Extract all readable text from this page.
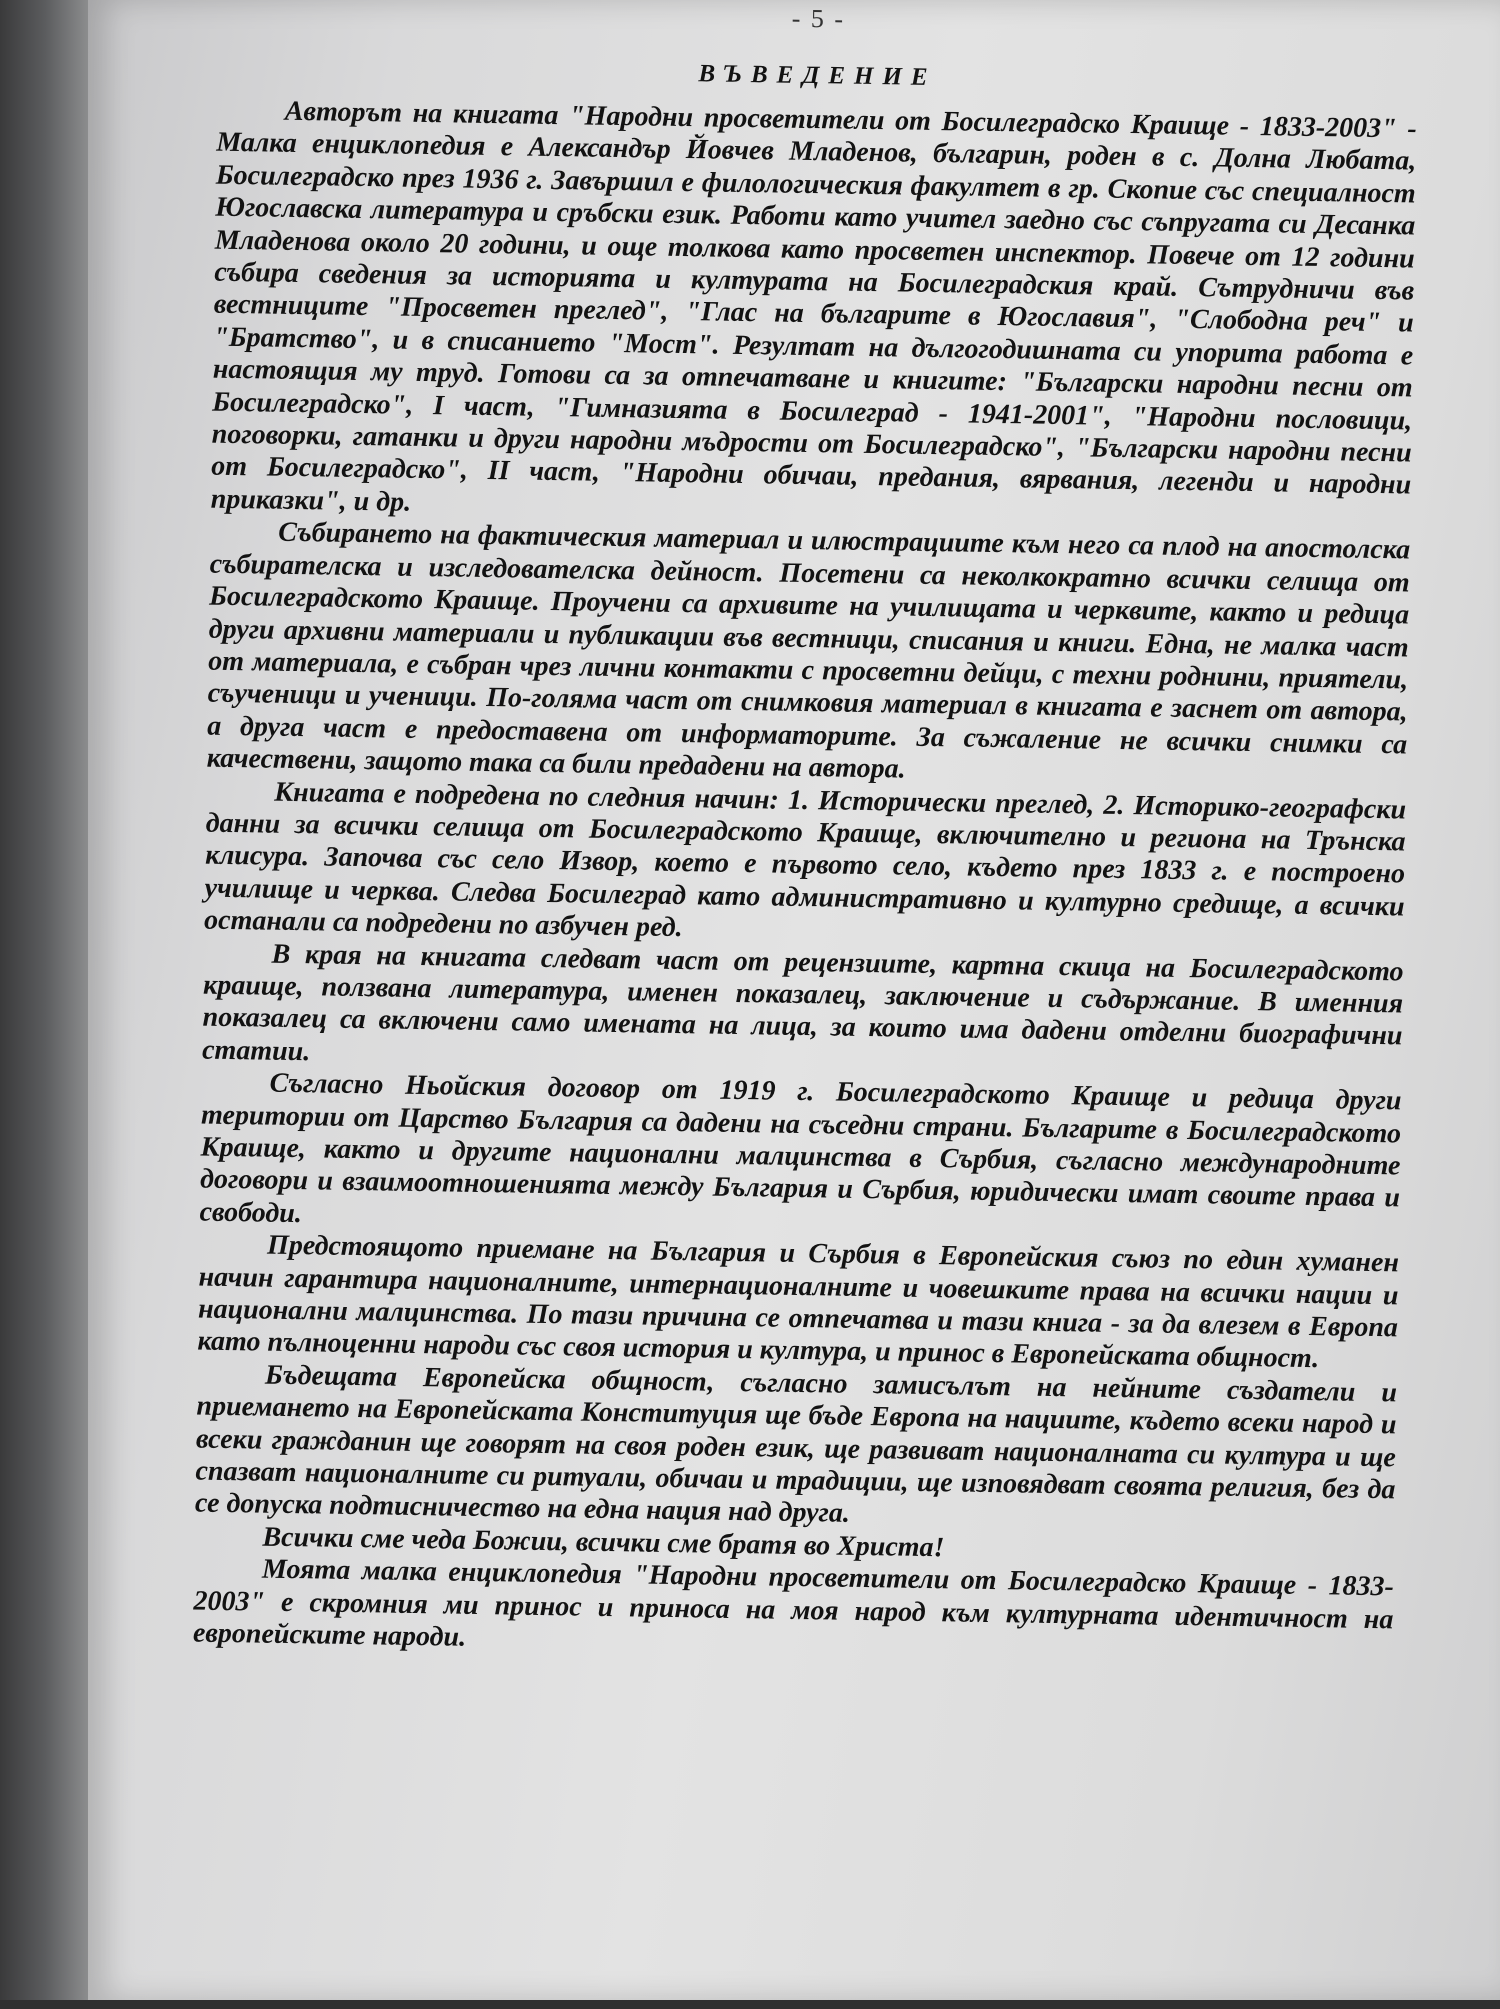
- 5 -
ВЪВЕДЕНИЕ

Авторът на книгата "Народни просветители от Босилеградско Краище - 1833-2003" - Малка енциклопедия е Александър Йовчев Младенов, българин, роден в с. Долна Любата, Босилеградско през 1936 г. Завършил е филологическия факултет в гр. Скопие със специалност Югославска литература и сръбски език. Работи като учител заедно със съпругата си Десанка Младенова около 20 години, и още толкова като просветен инспектор. Повече от 12 години събира сведения за историята и културата на Босилеградския край. Сътрудничи във вестниците "Просветен преглед", "Глас на българите в Югославия", "Слободна реч" и "Братство", и в списанието "Мост". Резултат на дългогодишната си упорита работа е настоящия му труд. Готови са за отпечатване и книгите: "Български народни песни от Босилеградско", I част, "Гимназията в Босилеград - 1941-2001", "Народни пословици, поговорки, гатанки и други народни мъдрости от Босилеградско", "Български народни песни от Босилеградско", II част, "Народни обичаи, предания, вярвания, легенди и народни приказки", и др.

Събирането на фактическия материал и илюстрациите към него са плод на апостолска събирателска и изследователска дейност. Посетени са неколкократно всички селища от Босилеградското Краище. Проучени са архивите на училищата и черквите, както и редица други архивни материали и публикации във вестници, списания и книги. Една, не малка част от материала, е събран чрез лични контакти с просветни дейци, с техни роднини, приятели, съученици и ученици. По-голяма част от снимковия материал в книгата е заснет от автора, а друга част е предоставена от информаторите. За съжаление не всички снимки са качествени, защото така са били предадени на автора.

Книгата е подредена по следния начин: 1. Исторически преглед, 2. Историко-географски данни за всички селища от Босилеградското Краище, включително и региона на Трънска клисура. Започва със село Извор, което е първото село, където през 1833 г. е построено училище и черква. Следва Босилеград като административно и културно средище, а всички останали са подредени по азбучен ред.

В края на книгата следват част от рецензиите, картна скица на Босилеградското краище, ползвана литература, именен показалец, заключение и съдържание. В именния показалец са включени само имената на лица, за които има дадени отделни биографични статии.

Съгласно Ньойския договор от 1919 г. Босилеградското Краище и редица други територии от Царство България са дадени на съседни страни. Българите в Босилеградското Краище, както и другите национални малцинства в Сърбия, съгласно международните договори и взаимоотношенията между България и Сърбия, юридически имат своите права и свободи.

Предстоящото приемане на България и Сърбия в Европейския съюз по един хуманен начин гарантира националните, интернационалните и човешките права на всички нации и национални малцинства. По тази причина се отпечатва и тази книга - за да влезем в Европа като пълноценни народи със своя история и култура, и принос в Европейската общност.

Бъдещата Европейска общност, съгласно замисълът на нейните създатели и приемането на Европейската Конституция ще бъде Европа на нациите, където всеки народ и всеки гражданин ще говорят на своя роден език, ще развиват националната си култура и ще спазват националните си ритуали, обичаи и традиции, ще изповядват своята религия, без да се допуска подтисничество на една нация над друга.

Всички сме чеда Божии, всички сме братя во Христа!

Моята малка енциклопедия "Народни просветители от Босилеградско Краище - 1833-2003" е скромния ми принос и приноса на моя народ към културната идентичност на европейските народи.
